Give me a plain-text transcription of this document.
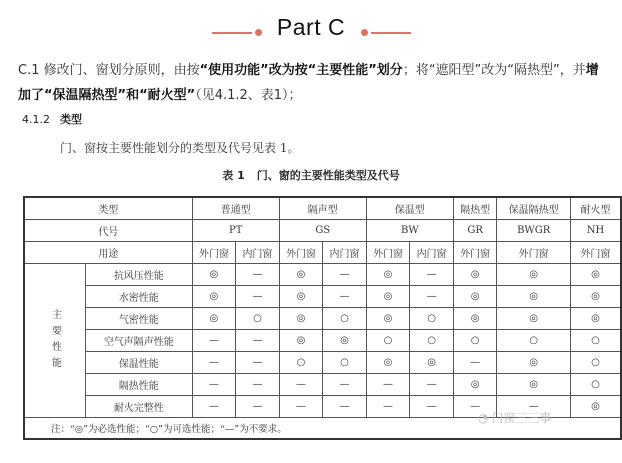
Part C
C.1 修改门、窗划分原则，由按“使用功能”改为按“主要性能”划分；将“遮阳型”改为“隔热型”，并增加了“保温隔热型”和“耐火型”（见4.1.2、表1）；
4.1.2 类型
门、窗按主要性能划分的类型及代号见表 1。
表 1 门、窗的主要性能类型及代号
类型		普通型		隔声型		保温型		隔热型	保温隔热型	耐火型
代号		PT		GS		BW		GR	BWGR	NH
用途		外门窗	内门窗	外门窗	内门窗	外门窗	内门窗	外门窗	外门窗	外门窗
主要性能	抗风压性能	◎	—	◎	—	◎	—	◎	◎	◎
	水密性能	◎	—	◎	—	◎	—	◎	◎	◎
	气密性能	◎	○	◎	○	◎	○	◎	◎	◎
	空气声隔声性能	—	—	◎	◎	○	○	○	○	○
	保温性能	—	—	○	○	◎	◎	—	◎	○
	隔热性能	—	—	—	—	—	—	◎	◎	○
	耐火完整性	—	—	—	—	—	—	—	—	◎
注：“◎”为必选性能；“○”为可选性能；“—”为不要求。										
◔ 门窗三三事
